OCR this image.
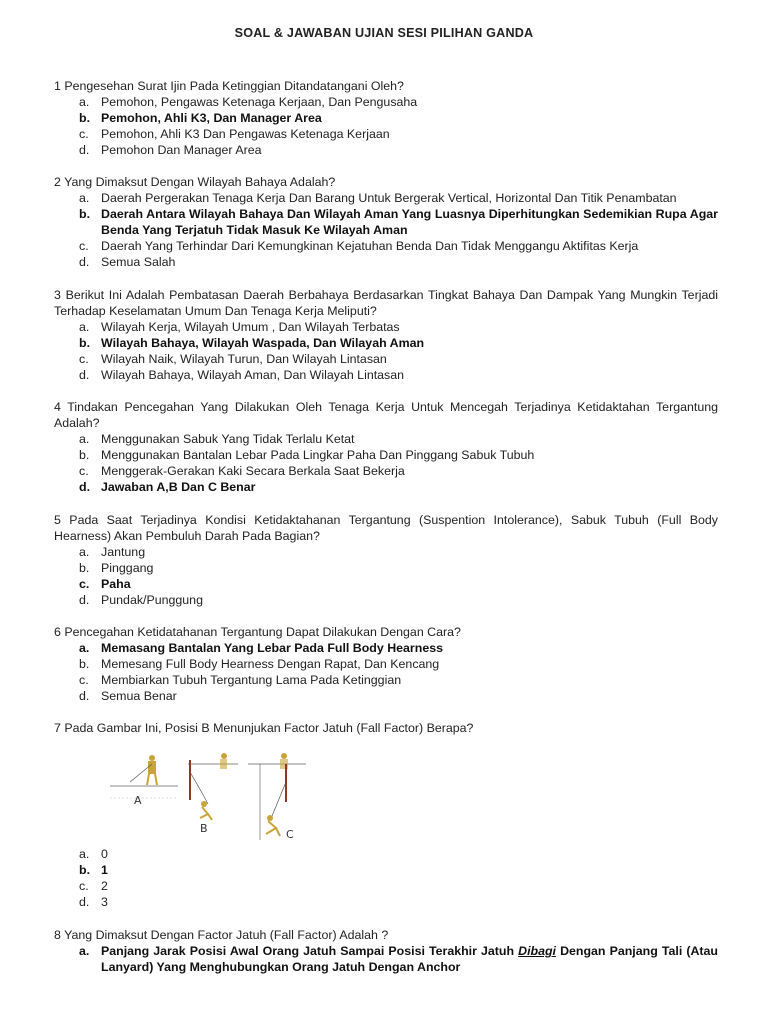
SOAL & JAWABAN UJIAN SESI PILIHAN GANDA
1 Pengesehan Surat Ijin Pada Ketinggian Ditandatangani Oleh?
a. Pemohon, Pengawas Ketenaga Kerjaan, Dan Pengusaha
b. Pemohon, Ahli K3, Dan Manager Area
c. Pemohon, Ahli K3 Dan Pengawas Ketenaga Kerjaan
d. Pemohon Dan Manager Area
2 Yang Dimaksut Dengan Wilayah Bahaya Adalah?
a. Daerah Pergerakan Tenaga Kerja Dan Barang Untuk Bergerak Vertical, Horizontal Dan Titik Penambatan
b. Daerah Antara Wilayah Bahaya Dan Wilayah Aman Yang Luasnya Diperhitungkan Sedemikian Rupa Agar Benda Yang Terjatuh Tidak Masuk Ke Wilayah Aman
c. Daerah Yang Terhindar Dari Kemungkinan Kejatuhan Benda Dan Tidak Menggangu Aktifitas Kerja
d. Semua Salah
3 Berikut Ini Adalah Pembatasan Daerah Berbahaya Berdasarkan Tingkat Bahaya Dan Dampak Yang Mungkin Terjadi Terhadap Keselamatan Umum Dan Tenaga Kerja Meliputi?
a. Wilayah Kerja, Wilayah Umum , Dan Wilayah Terbatas
b. Wilayah Bahaya, Wilayah Waspada, Dan Wilayah Aman
c. Wilayah Naik, Wilayah Turun, Dan Wilayah Lintasan
d. Wilayah Bahaya, Wilayah Aman, Dan Wilayah Lintasan
4 Tindakan Pencegahan Yang Dilakukan Oleh Tenaga Kerja Untuk Mencegah Terjadinya Ketidaktahan Tergantung Adalah?
a. Menggunakan Sabuk Yang Tidak Terlalu Ketat
b. Menggunakan Bantalan Lebar Pada Lingkar Paha Dan Pinggang Sabuk Tubuh
c. Menggerak-Gerakan Kaki Secara Berkala Saat Bekerja
d. Jawaban A,B Dan C Benar
5 Pada Saat Terjadinya Kondisi Ketidaktahanan Tergantung (Suspention Intolerance), Sabuk Tubuh (Full Body Hearness) Akan Pembuluh Darah Pada Bagian?
a. Jantung
b. Pinggang
c. Paha
d. Pundak/Punggung
6 Pencegahan Ketidatahanan Tergantung Dapat Dilakukan Dengan Cara?
a. Memasang Bantalan Yang Lebar Pada Full Body Hearness
b. Memesang Full Body Hearness Dengan Rapat, Dan Kencang
c. Membiarkan Tubuh Tergantung Lama Pada Ketinggian
d. Semua Benar
7 Pada Gambar Ini, Posisi B Menunjukan Factor Jatuh (Fall Factor) Berapa?
A
B	C
a. 0
b. 1
c. 2
d. 3
8 Yang Dimaksut Dengan Factor Jatuh (Fall Factor) Adalah ?
a. Panjang Jarak Posisi Awal Orang Jatuh Sampai Posisi Terakhir Jatuh Dibagi Dengan Panjang Tali (Atau Lanyard) Yang Menghubungkan Orang Jatuh Dengan Anchor
